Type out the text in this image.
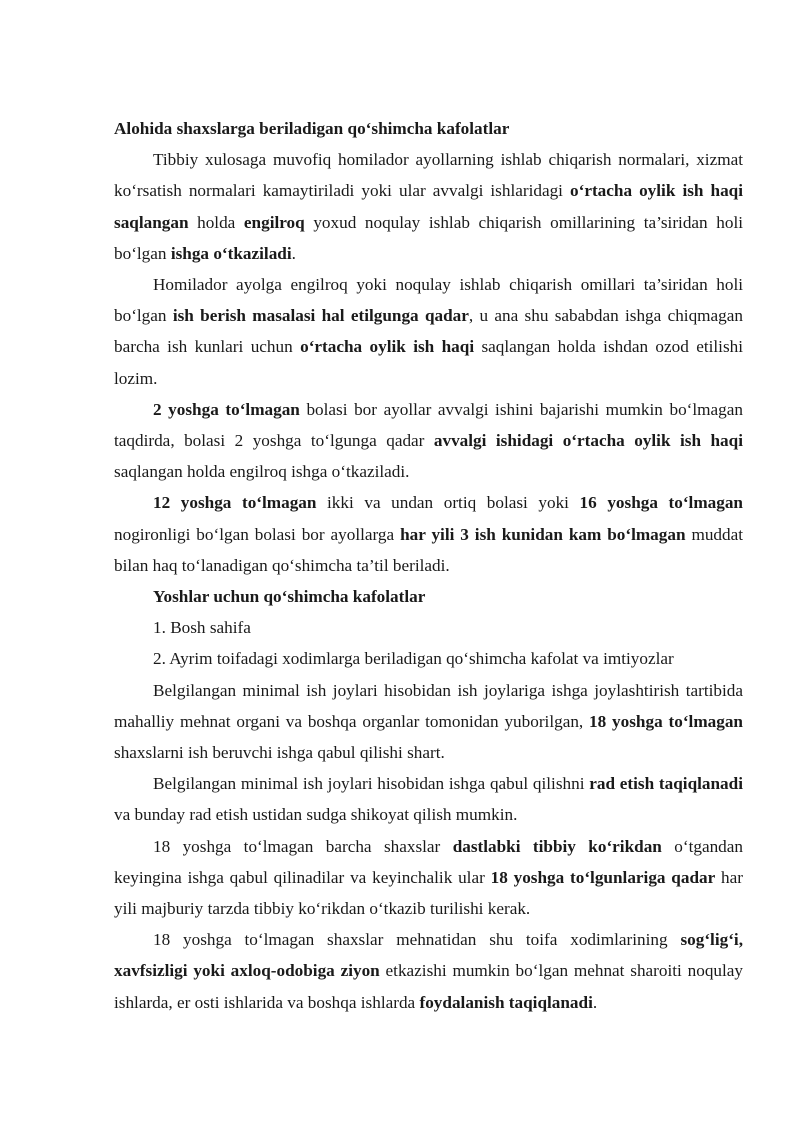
Alohida shaxslarga beriladigan qo‘shimcha kafolatlar

Tibbiy xulosaga muvofiq homilador ayollarning ishlab chiqarish normalari, xizmat ko‘rsatish normalari kamaytiriladi yoki ular avvalgi ishlaridagi o‘rtacha oylik ish haqi saqlangan holda engilroq yoxud noqulay ishlab chiqarish omillarining ta’siridan holi bo‘lgan ishga o‘tkaziladi.

Homilador ayolga engilroq yoki noqulay ishlab chiqarish omillari ta’siridan holi bo‘lgan ish berish masalasi hal etilgunga qadar, u ana shu sababdan ishga chiqmagan barcha ish kunlari uchun o‘rtacha oylik ish haqi saqlangan holda ishdan ozod etilishi lozim.

2 yoshga to‘lmagan bolasi bor ayollar avvalgi ishini bajarishi mumkin bo‘lmagan taqdirda, bolasi 2 yoshga to‘lgunga qadar avvalgi ishidagi o‘rtacha oylik ish haqi saqlangan holda engilroq ishga o‘tkaziladi.

12 yoshga to‘lmagan ikki va undan ortiq bolasi yoki 16 yoshga to‘lmagan nogironligi bo‘lgan bolasi bor ayollarga har yili 3 ish kunidan kam bo‘lmagan muddat bilan haq to‘lanadigan qo‘shimcha ta’til beriladi.

Yoshlar uchun qo‘shimcha kafolatlar

1. Bosh sahifa

2. Ayrim toifadagi xodimlarga beriladigan qo‘shimcha kafolat va imtiyozlar

Belgilangan minimal ish joylari hisobidan ish joylariga ishga joylashtirish tartibida mahalliy mehnat organi va boshqa organlar tomonidan yuborilgan, 18 yoshga to‘lmagan shaxslarni ish beruvchi ishga qabul qilishi shart.

Belgilangan minimal ish joylari hisobidan ishga qabul qilishni rad etish taqiqlanadi va bunday rad etish ustidan sudga shikoyat qilish mumkin.

18 yoshga to‘lmagan barcha shaxslar dastlabki tibbiy ko‘rikdan o‘tgandan keyingina ishga qabul qilinadilar va keyinchalik ular 18 yoshga to‘lgunlariga qadar har yili majburiy tarzda tibbiy ko‘rikdan o‘tkazib turilishi kerak.

18 yoshga to‘lmagan shaxslar mehnatidan shu toifa xodimlarining sog‘lig‘i, xavfsizligi yoki axloq-odobiga ziyon etkazishi mumkin bo‘lgan mehnat sharoiti noqulay ishlarda, er osti ishlarida va boshqa ishlarda foydalanish taqiqlanadi.
